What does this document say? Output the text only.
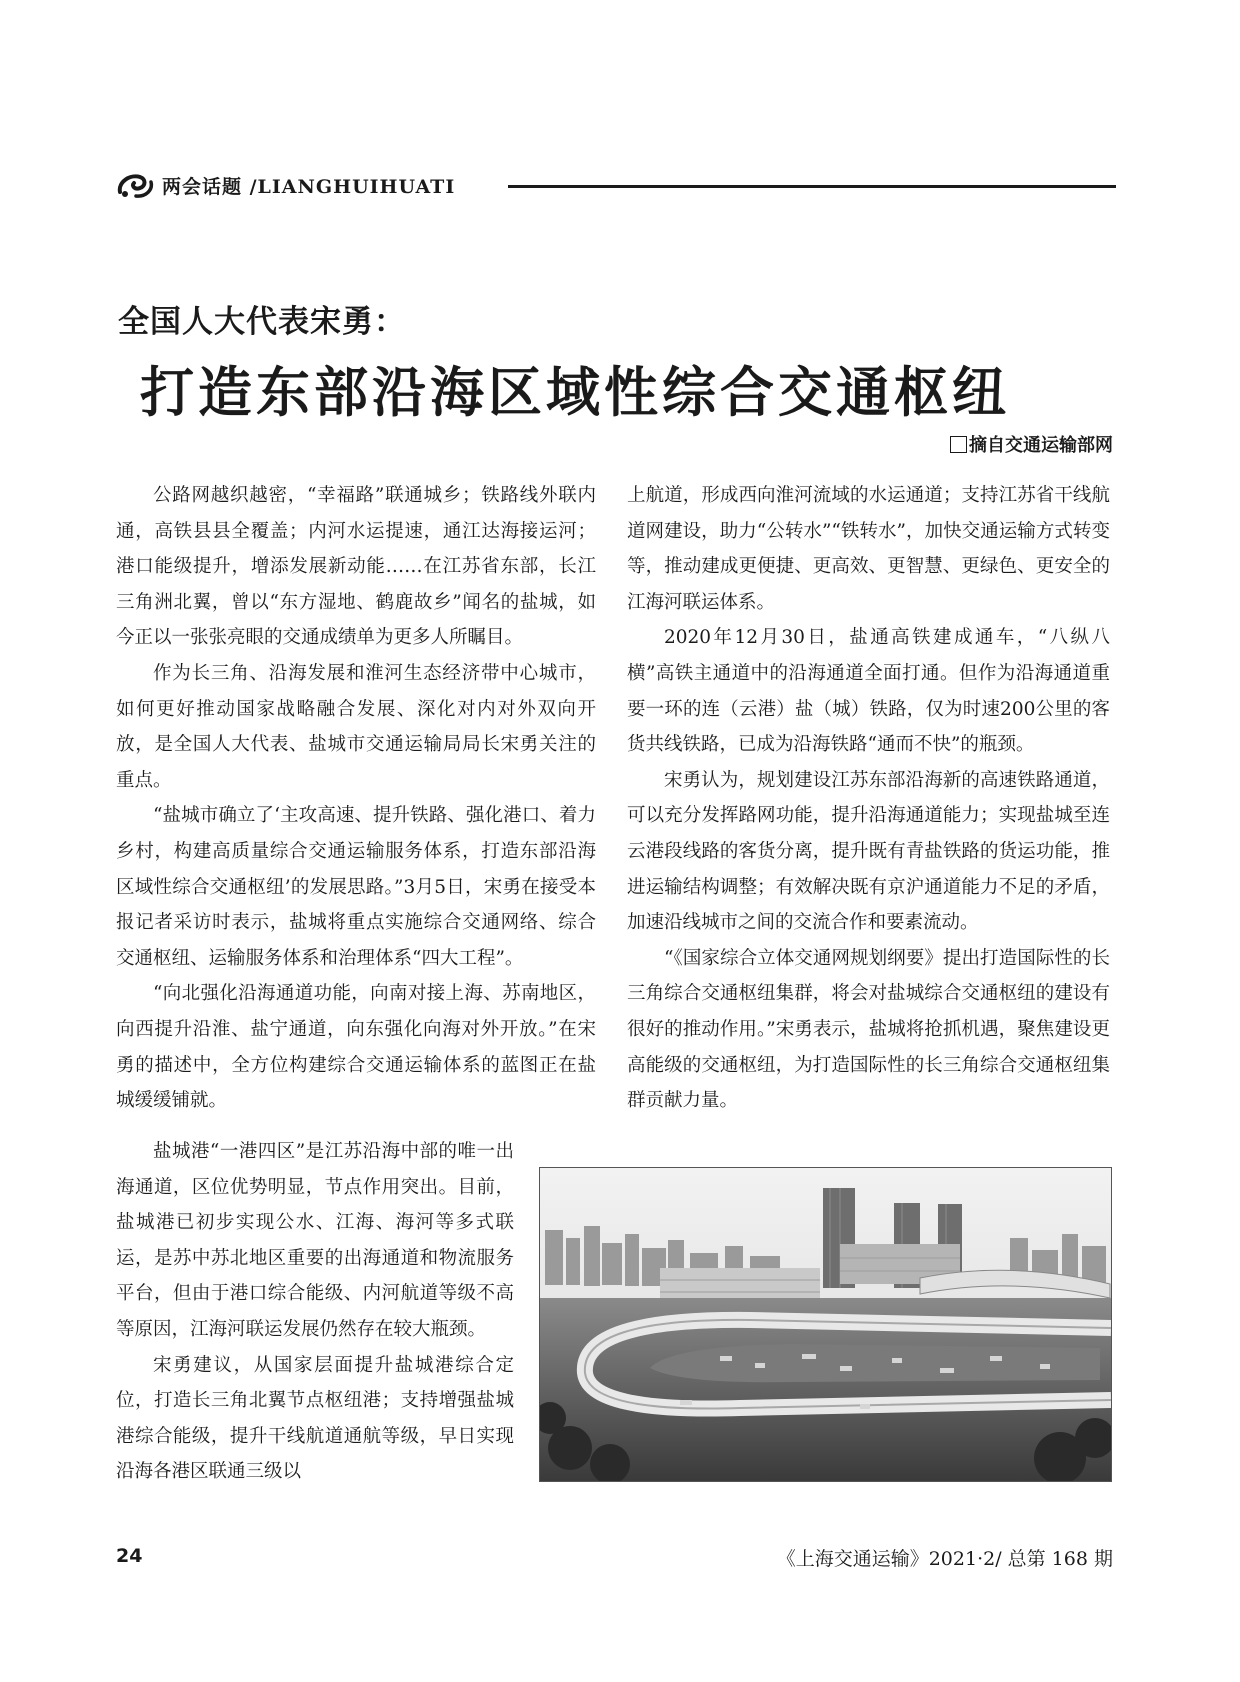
两会话题 /LIANGHUIHUATI
全国人大代表宋勇：
打造东部沿海区域性综合交通枢纽
摘自交通运输部网

公路网越织越密，“幸福路”联通城乡；铁路线外联内通，高铁县县全覆盖；内河水运提速，通江达海接运河；港口能级提升，增添发展新动能……在江苏省东部，长江三角洲北翼，曾以“东方湿地、鹤鹿故乡”闻名的盐城，如今正以一张张亮眼的交通成绩单为更多人所瞩目。

作为长三角、沿海发展和淮河生态经济带中心城市，如何更好推动国家战略融合发展、深化对内对外双向开放，是全国人大代表、盐城市交通运输局局长宋勇关注的重点。

“盐城市确立了‘主攻高速、提升铁路、强化港口、着力乡村，构建高质量综合交通运输服务体系，打造东部沿海区域性综合交通枢纽’的发展思路。”3月5日，宋勇在接受本报记者采访时表示，盐城将重点实施综合交通网络、综合交通枢纽、运输服务体系和治理体系“四大工程”。

“向北强化沿海通道功能，向南对接上海、苏南地区，向西提升沿淮、盐宁通道，向东强化向海对外开放。”在宋勇的描述中，全方位构建综合交通运输体系的蓝图正在盐城缓缓铺就。

盐城港“一港四区”是江苏沿海中部的唯一出海通道，区位优势明显，节点作用突出。目前，盐城港已初步实现公水、江海、海河等多式联运，是苏中苏北地区重要的出海通道和物流服务平台，但由于港口综合能级、内河航道等级不高等原因，江海河联运发展仍然存在较大瓶颈。

宋勇建议，从国家层面提升盐城港综合定位，打造长三角北翼节点枢纽港；支持增强盐城港综合能级，提升干线航道通航等级，早日实现沿海各港区联通三级以

上航道，形成西向淮河流域的水运通道；支持江苏省干线航道网建设，助力“公转水”“铁转水”，加快交通运输方式转变等，推动建成更便捷、更高效、更智慧、更绿色、更安全的江海河联运体系。

2020年12月30日，盐通高铁建成通车，“八纵八横”高铁主通道中的沿海通道全面打通。但作为沿海通道重要一环的连（云港）盐（城）铁路，仅为时速200公里的客货共线铁路，已成为沿海铁路“通而不快”的瓶颈。

宋勇认为，规划建设江苏东部沿海新的高速铁路通道，可以充分发挥路网功能，提升沿海通道能力；实现盐城至连云港段线路的客货分离，提升既有青盐铁路的货运功能，推进运输结构调整；有效解决既有京沪通道能力不足的矛盾，加速沿线城市之间的交流合作和要素流动。

“《国家综合立体交通网规划纲要》提出打造国际性的长三角综合交通枢纽集群，将会对盐城综合交通枢纽的建设有很好的推动作用。”宋勇表示，盐城将抢抓机遇，聚焦建设更高能级的交通枢纽，为打造国际性的长三角综合交通枢纽集群贡献力量。

24	《上海交通运输》2021·2/ 总第 168 期
